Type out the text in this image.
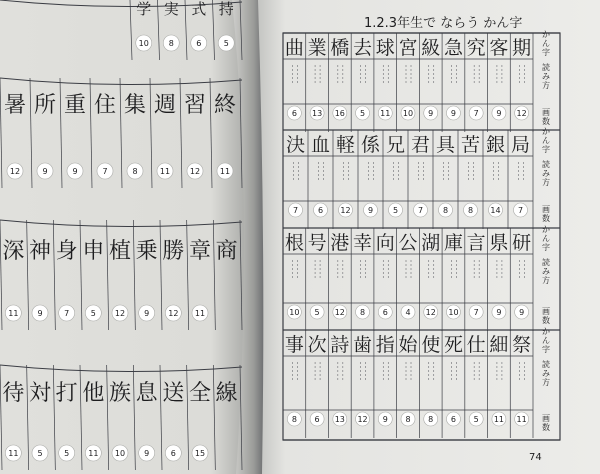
学
10
実
8
式
6
持
5
暑
12
所
9
重
9
住
7
集
8
週
11
習
12
終
11
深
11
神
9
身
7
申
5
植
12
乗
9
勝
12
章
11
商
待
11
対
5
打
5
他
11
族
10
息
9
送
6
全
15
線
曲
6
業
13
橋
16
去
5
球
11
宮
10
級
9
急
9
究
7
客
9
期
12
か
ん
字
読
み
方
画
数
決
7
血
6
軽
12
係
9
兄
5
君
7
具
8
苦
8
銀
14
局
7
か
ん
字
読
み
方
画
数
根
10
号
5
港
12
幸
8
向
6
公
4
湖
12
庫
10
言
7
県
9
研
9
か
ん
字
読
み
方
画
数
事
8
次
6
詩
13
歯
12
指
9
始
8
使
8
死
6
仕
5
細
11
祭
11
か
ん
字
読
み
方
画
数
1.2.3年生で ならう かん字
74
